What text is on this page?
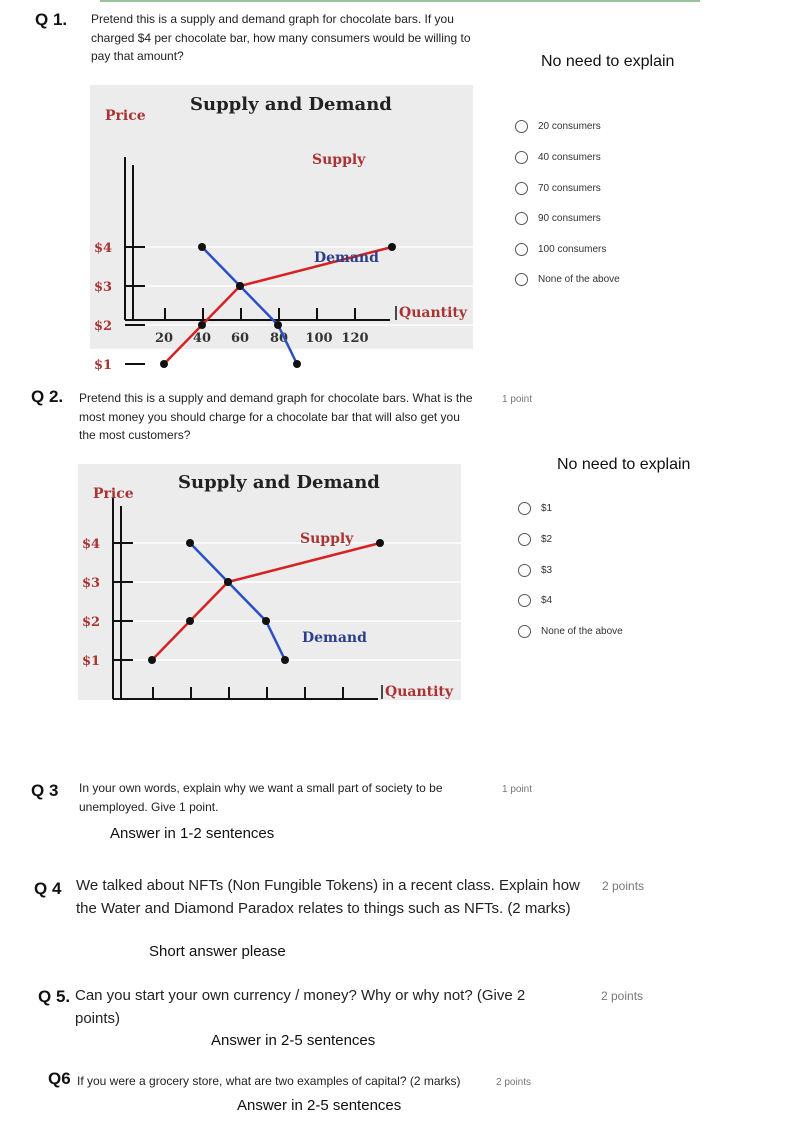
Q 1. Pretend this is a supply and demand graph for chocolate bars. If you
charged $4 per chocolate bar, how many consumers would be willing to
pay that amount?	No need to explain
Supply and Demand
Price
$4
$3
$2
$1
Quantity
20 40 60 80 100 120
Supply
Demand
20 consumers
40 consumers
70 consumers
90 consumers
100 consumers
None of the above
Q 2. Pretend this is a supply and demand graph for chocolate bars. What is the
most money you should charge for a chocolate bar that will also get you
the most customers?
1 point
No need to explain
Supply and Demand
Price
$4
$3
$2
$1
Quantity
Supply
Demand
$1
$2
$3
$4
None of the above
Q 3 In your own words, explain why we want a small part of society to be
unemployed. Give 1 point.
1 point
Answer in 1-2 sentences
Q 4 We talked about NFTs (Non Fungible Tokens) in a recent class. Explain how
the Water and Diamond Paradox relates to things such as NFTs. (2 marks)
2 points
Short answer please
Q 5. Can you start your own currency / money? Why or why not? (Give 2
points)
2 points
Answer in 2-5 sentences
Q6 If you were a grocery store, what are two examples of capital? (2 marks)	2 points
Answer in 2-5 sentences
